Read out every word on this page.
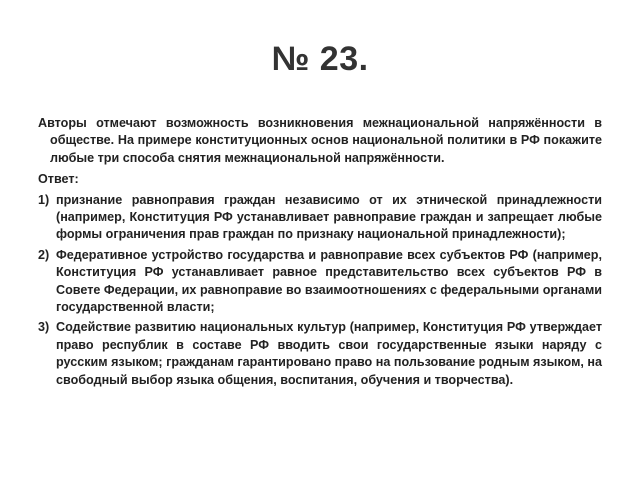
№ 23.
Авторы отмечают возможность возникновения межнациональной напряжённости в обществе. На примере конституционных основ национальной политики в РФ покажите любые три способа снятия межнациональной напряжённости.
Ответ:
1) признание равноправия граждан независимо от их этнической принадлежности (например, Конституция РФ устанавливает равноправие граждан и запрещает любые формы ограничения прав граждан по признаку национальной принадлежности);
2) Федеративное устройство государства и равноправие всех субъектов РФ (например, Конституция РФ устанавливает равное представительство всех субъектов РФ в Совете Федерации, их равноправие во взаимоотношениях с федеральными органами государственной власти;
3) Содействие развитию национальных культур (например, Конституция РФ утверждает право республик в составе РФ вводить свои государственные языки наряду с русским языком; гражданам гарантировано право на пользование родным языком, на свободный выбор языка общения, воспитания, обучения и творчества).
